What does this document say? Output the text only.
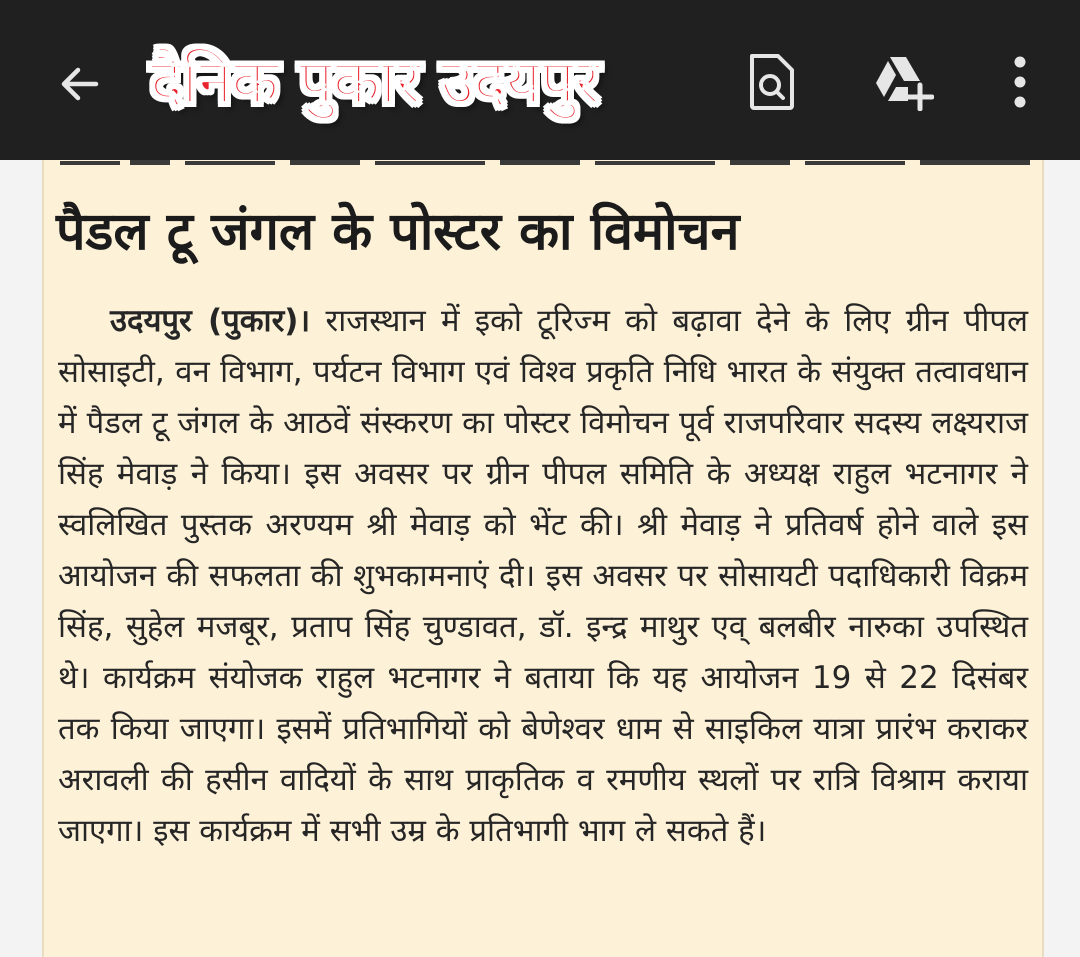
पैडल टू जंगल के पोस्टर का विमोचन

उदयपुर (पुकार)। राजस्थान में इको टूरिज्म को बढ़ावा देने के लिए ग्रीन पीपल सोसाइटी, वन विभाग, पर्यटन विभाग एवं विश्व प्रकृति निधि भारत के संयुक्त तत्वावधान में पैडल टू जंगल के आठवें संस्करण का पोस्टर विमोचन पूर्व राजपरिवार सदस्य लक्ष्यराज सिंह मेवाड़ ने किया। इस अवसर पर ग्रीन पीपल समिति के अध्यक्ष राहुल भटनागर ने स्वलिखित पुस्तक अरण्यम श्री मेवाड़ को भेंट की। श्री मेवाड़ ने प्रतिवर्ष होने वाले इस आयोजन की सफलता की शुभकामनाएं दी। इस अवसर पर सोसायटी पदाधिकारी विक्रम सिंह, सुहेल मजबूर, प्रताप सिंह चुण्डावत, डॉ. इन्द्र माथुर एव् बलबीर नारुका उपस्थित थे। कार्यक्रम संयोजक राहुल भटनागर ने बताया कि यह आयोजन 19 से 22 दिसंबर तक किया जाएगा। इसमें प्रतिभागियों को बेणेश्वर धाम से साइकिल यात्रा प्रारंभ कराकर अरावली की हसीन वादियों के साथ प्राकृतिक व रमणीय स्थलों पर रात्रि विश्राम कराया जाएगा। इस कार्यक्रम में सभी उम्र के प्रतिभागी भाग ले सकते हैं।

दैनिक पुकार उदयपुर
